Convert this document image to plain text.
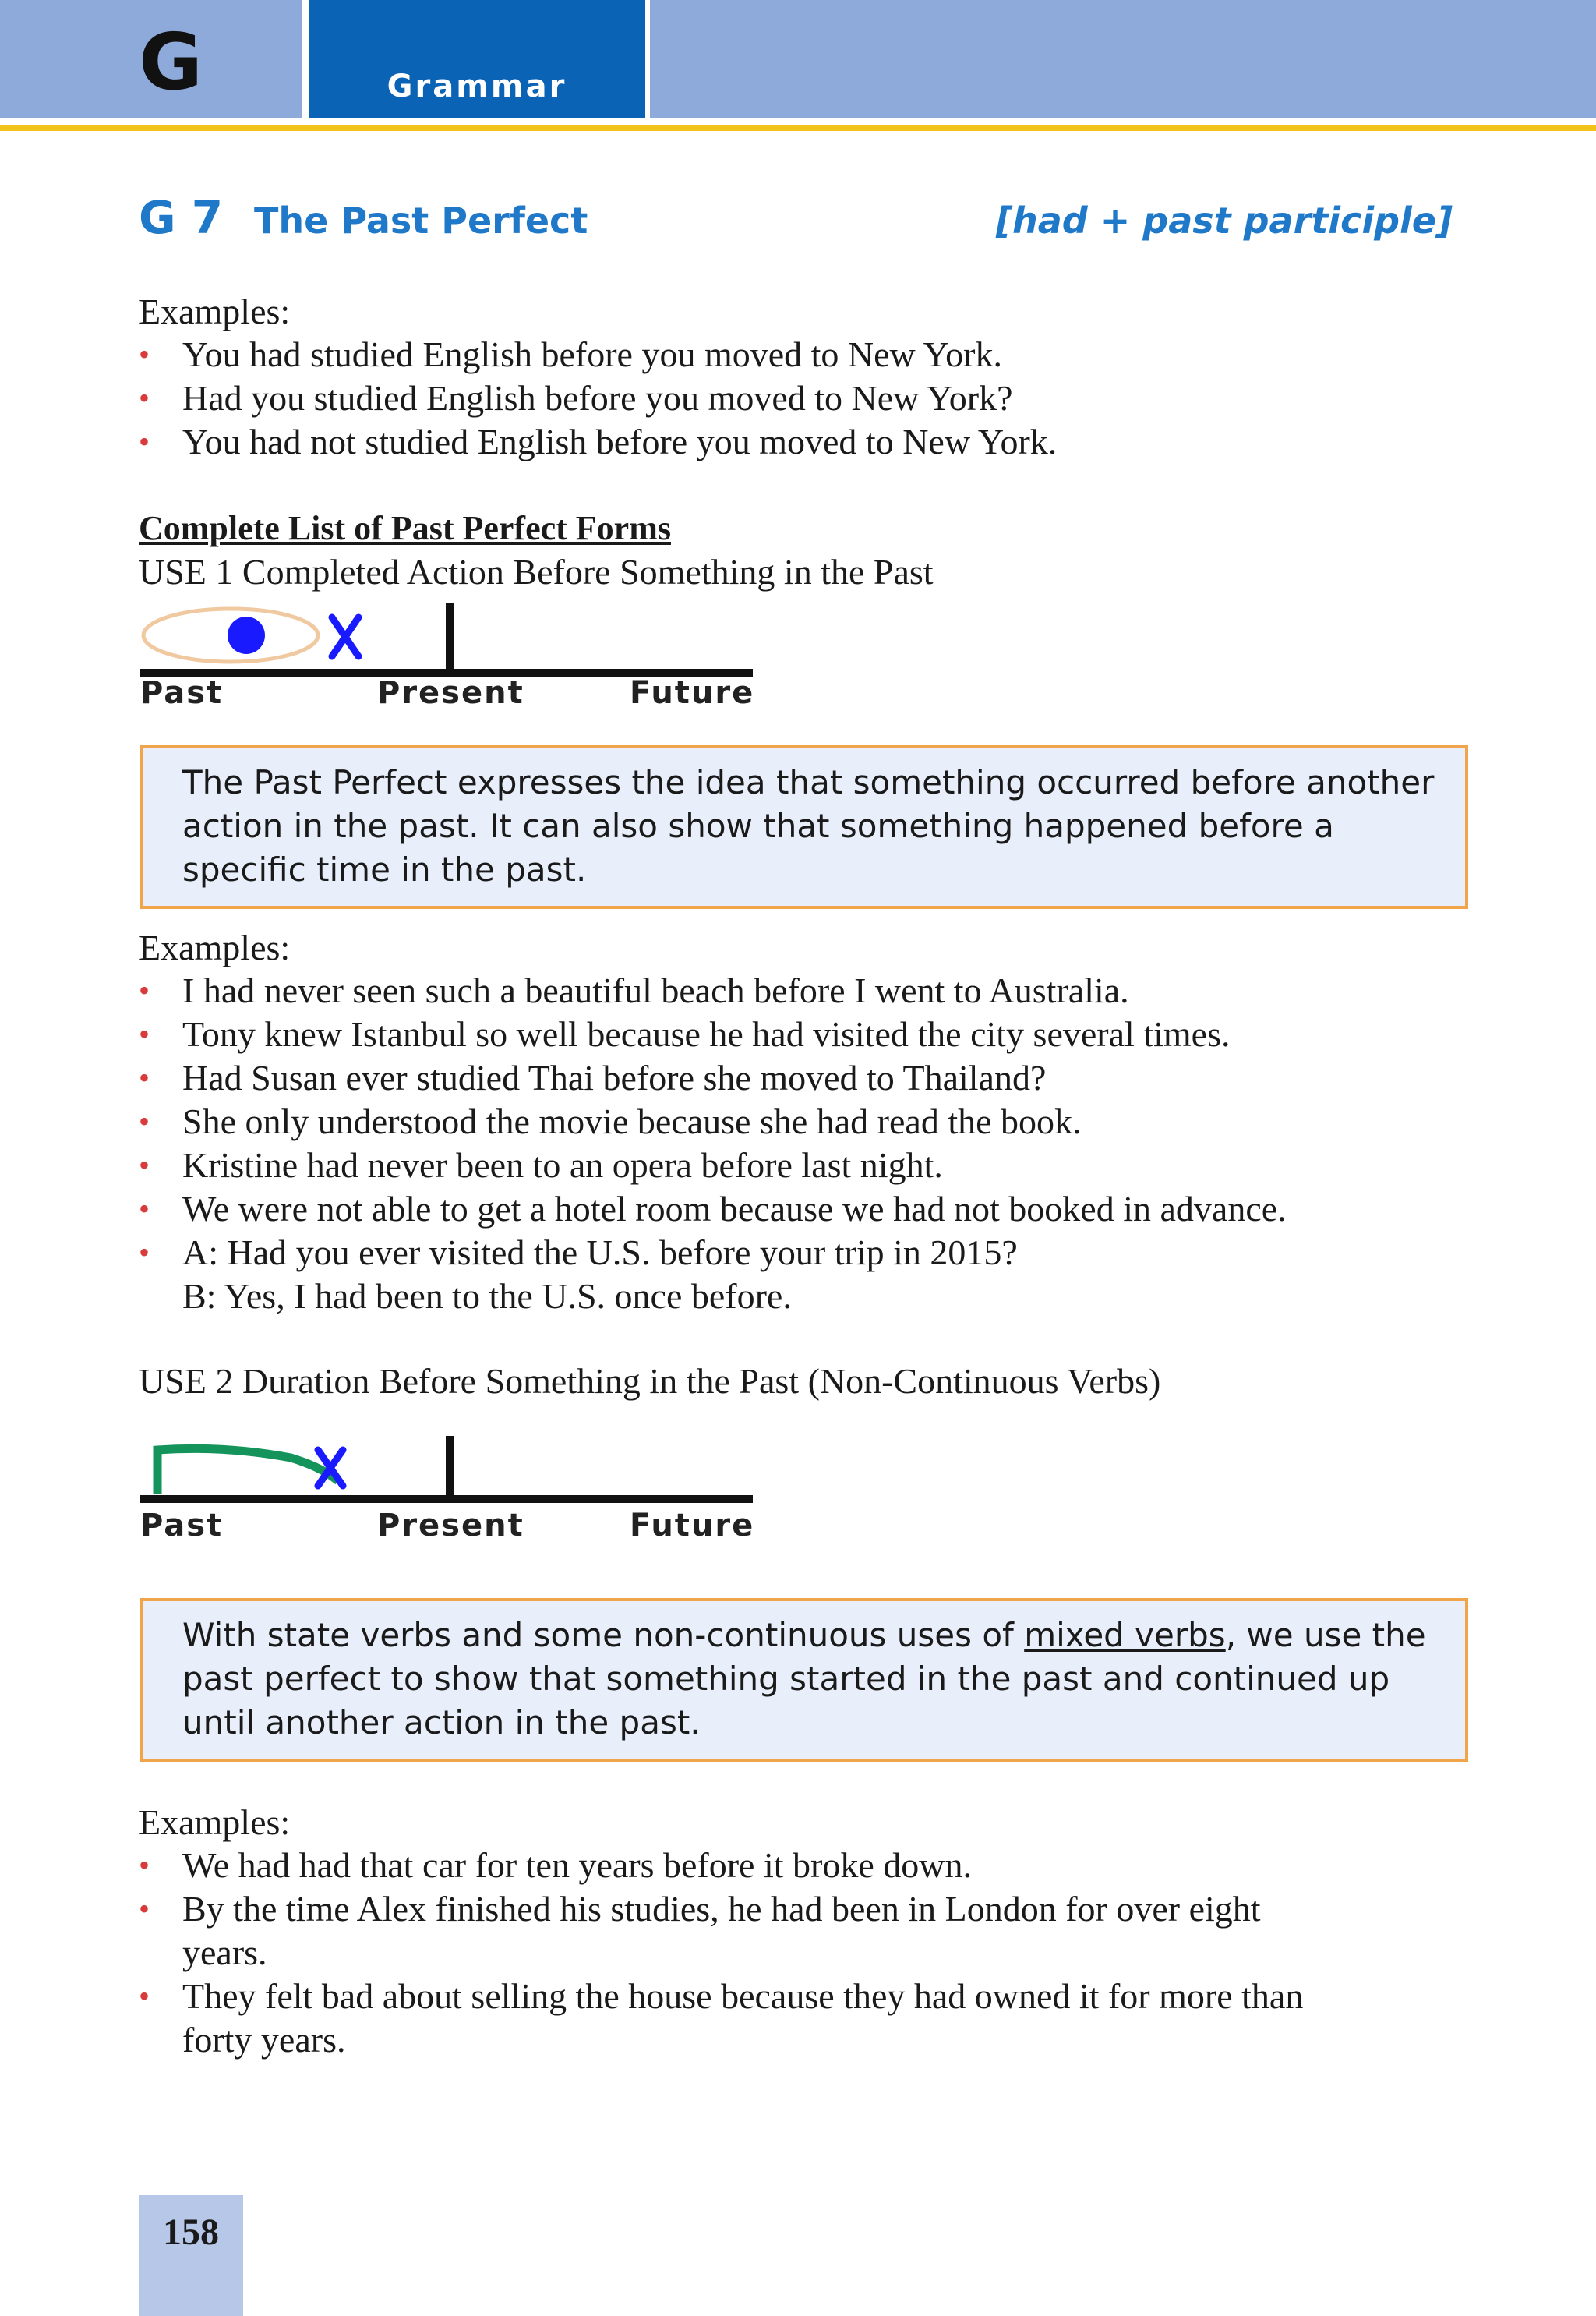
G	Grammar
G 7 The Past Perfect	[had + past participle]
Examples:
• You had studied English before you moved to New York.
• Had you studied English before you moved to New York?
• You had not studied English before you moved to New York.
Complete List of Past Perfect Forms
USE 1 Completed Action Before Something in the Past
Past	Present	Future
The Past Perfect expresses the idea that something occurred before another action in the past. It can also show that something happened before a specific time in the past.
Examples:
• I had never seen such a beautiful beach before I went to Australia.
• Tony knew Istanbul so well because he had visited the city several times.
• Had Susan ever studied Thai before she moved to Thailand?
• She only understood the movie because she had read the book.
• Kristine had never been to an opera before last night.
• We were not able to get a hotel room because we had not booked in advance.
• A: Had you ever visited the U.S. before your trip in 2015?
B: Yes, I had been to the U.S. once before.
USE 2 Duration Before Something in the Past (Non-Continuous Verbs)
Past	Present	Future
With state verbs and some non-continuous uses of mixed verbs, we use the past perfect to show that something started in the past and continued up until another action in the past.
Examples:
• We had had that car for ten years before it broke down.
• By the time Alex finished his studies, he had been in London for over eight
years.
• They felt bad about selling the house because they had owned it for more than
forty years.
158
